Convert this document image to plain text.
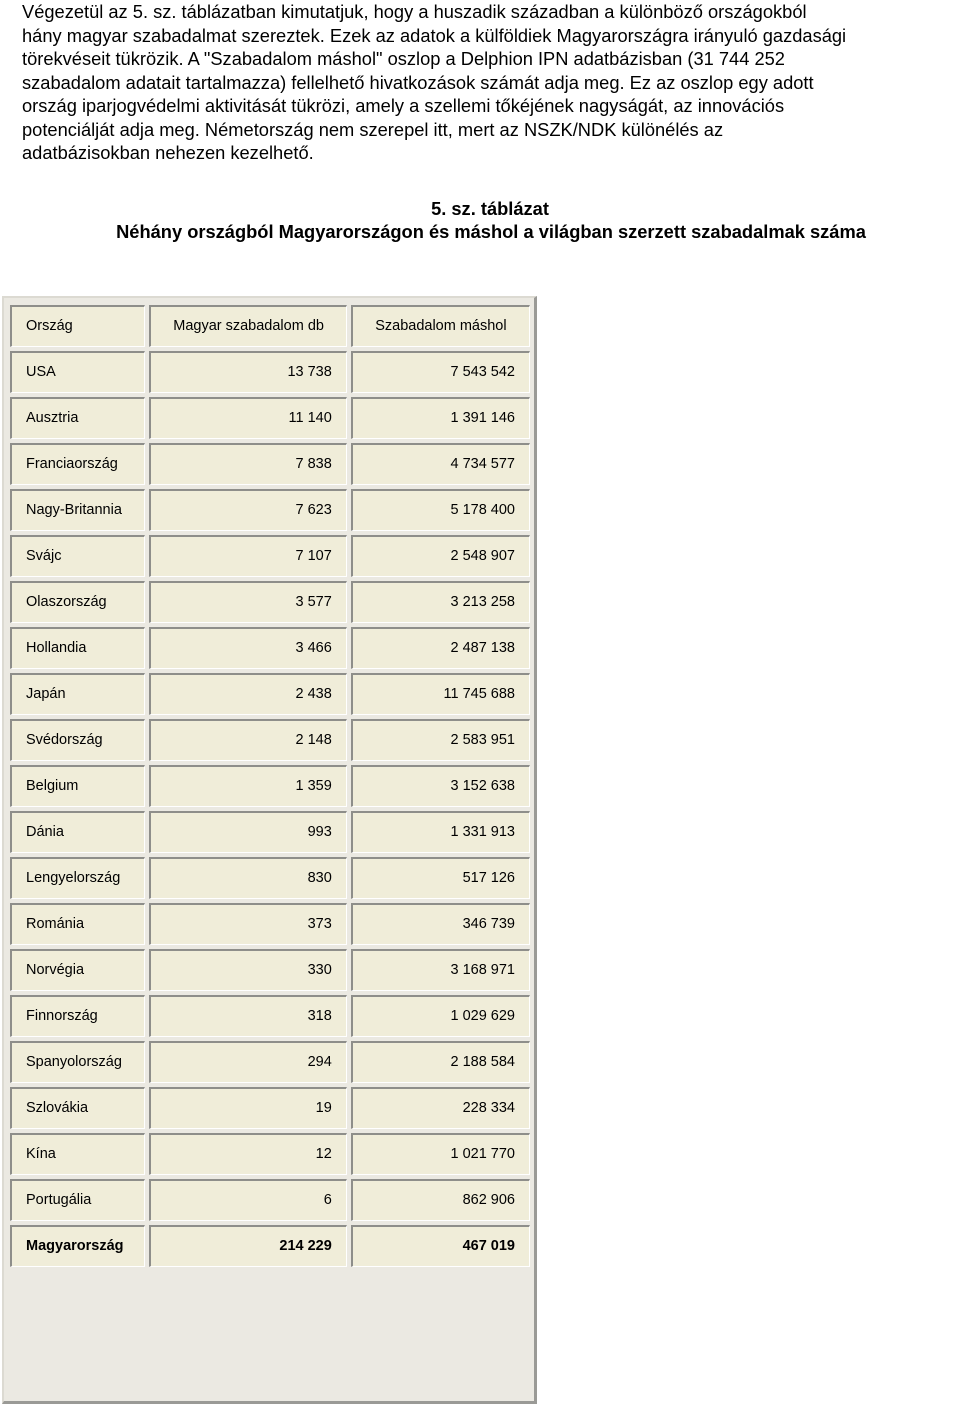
Végezetül az 5. sz. táblázatban kimutatjuk, hogy a huszadik században a különböző országokból
hány magyar szabadalmat szereztek. Ezek az adatok a külföldiek Magyarországra irányuló gazdasági
törekvéseit tükrözik. A "Szabadalom máshol" oszlop a Delphion IPN adatbázisban (31 744 252
szabadalom adatait tartalmazza) fellelhető hivatkozások számát adja meg. Ez az oszlop egy adott
ország iparjogvédelmi aktivitását tükrözi, amely a szellemi tőkéjének nagyságát, az innovációs
potenciálját adja meg. Németország nem szerepel itt, mert az NSZK/NDK különélés az
adatbázisokban nehezen kezelhető.

5. sz. táblázat

Néhány országból Magyarországon és máshol a világban szerzett szabadalmak száma

Ország	Magyar szabadalom db	Szabadalom máshol
USA	13 738	7 543 542
Ausztria	11 140	1 391 146
Franciaország	7 838	4 734 577
Nagy-Britannia	7 623	5 178 400
Svájc	7 107	2 548 907
Olaszország	3 577	3 213 258
Hollandia	3 466	2 487 138
Japán	2 438	11 745 688
Svédország	2 148	2 583 951
Belgium	1 359	3 152 638
Dánia	993	1 331 913
Lengyelország	830	517 126
Románia	373	346 739
Norvégia	330	3 168 971
Finnország	318	1 029 629
Spanyolország	294	2 188 584
Szlovákia	19	228 334
Kína	12	1 021 770
Portugália	6	862 906
Magyarország	214 229	467 019
